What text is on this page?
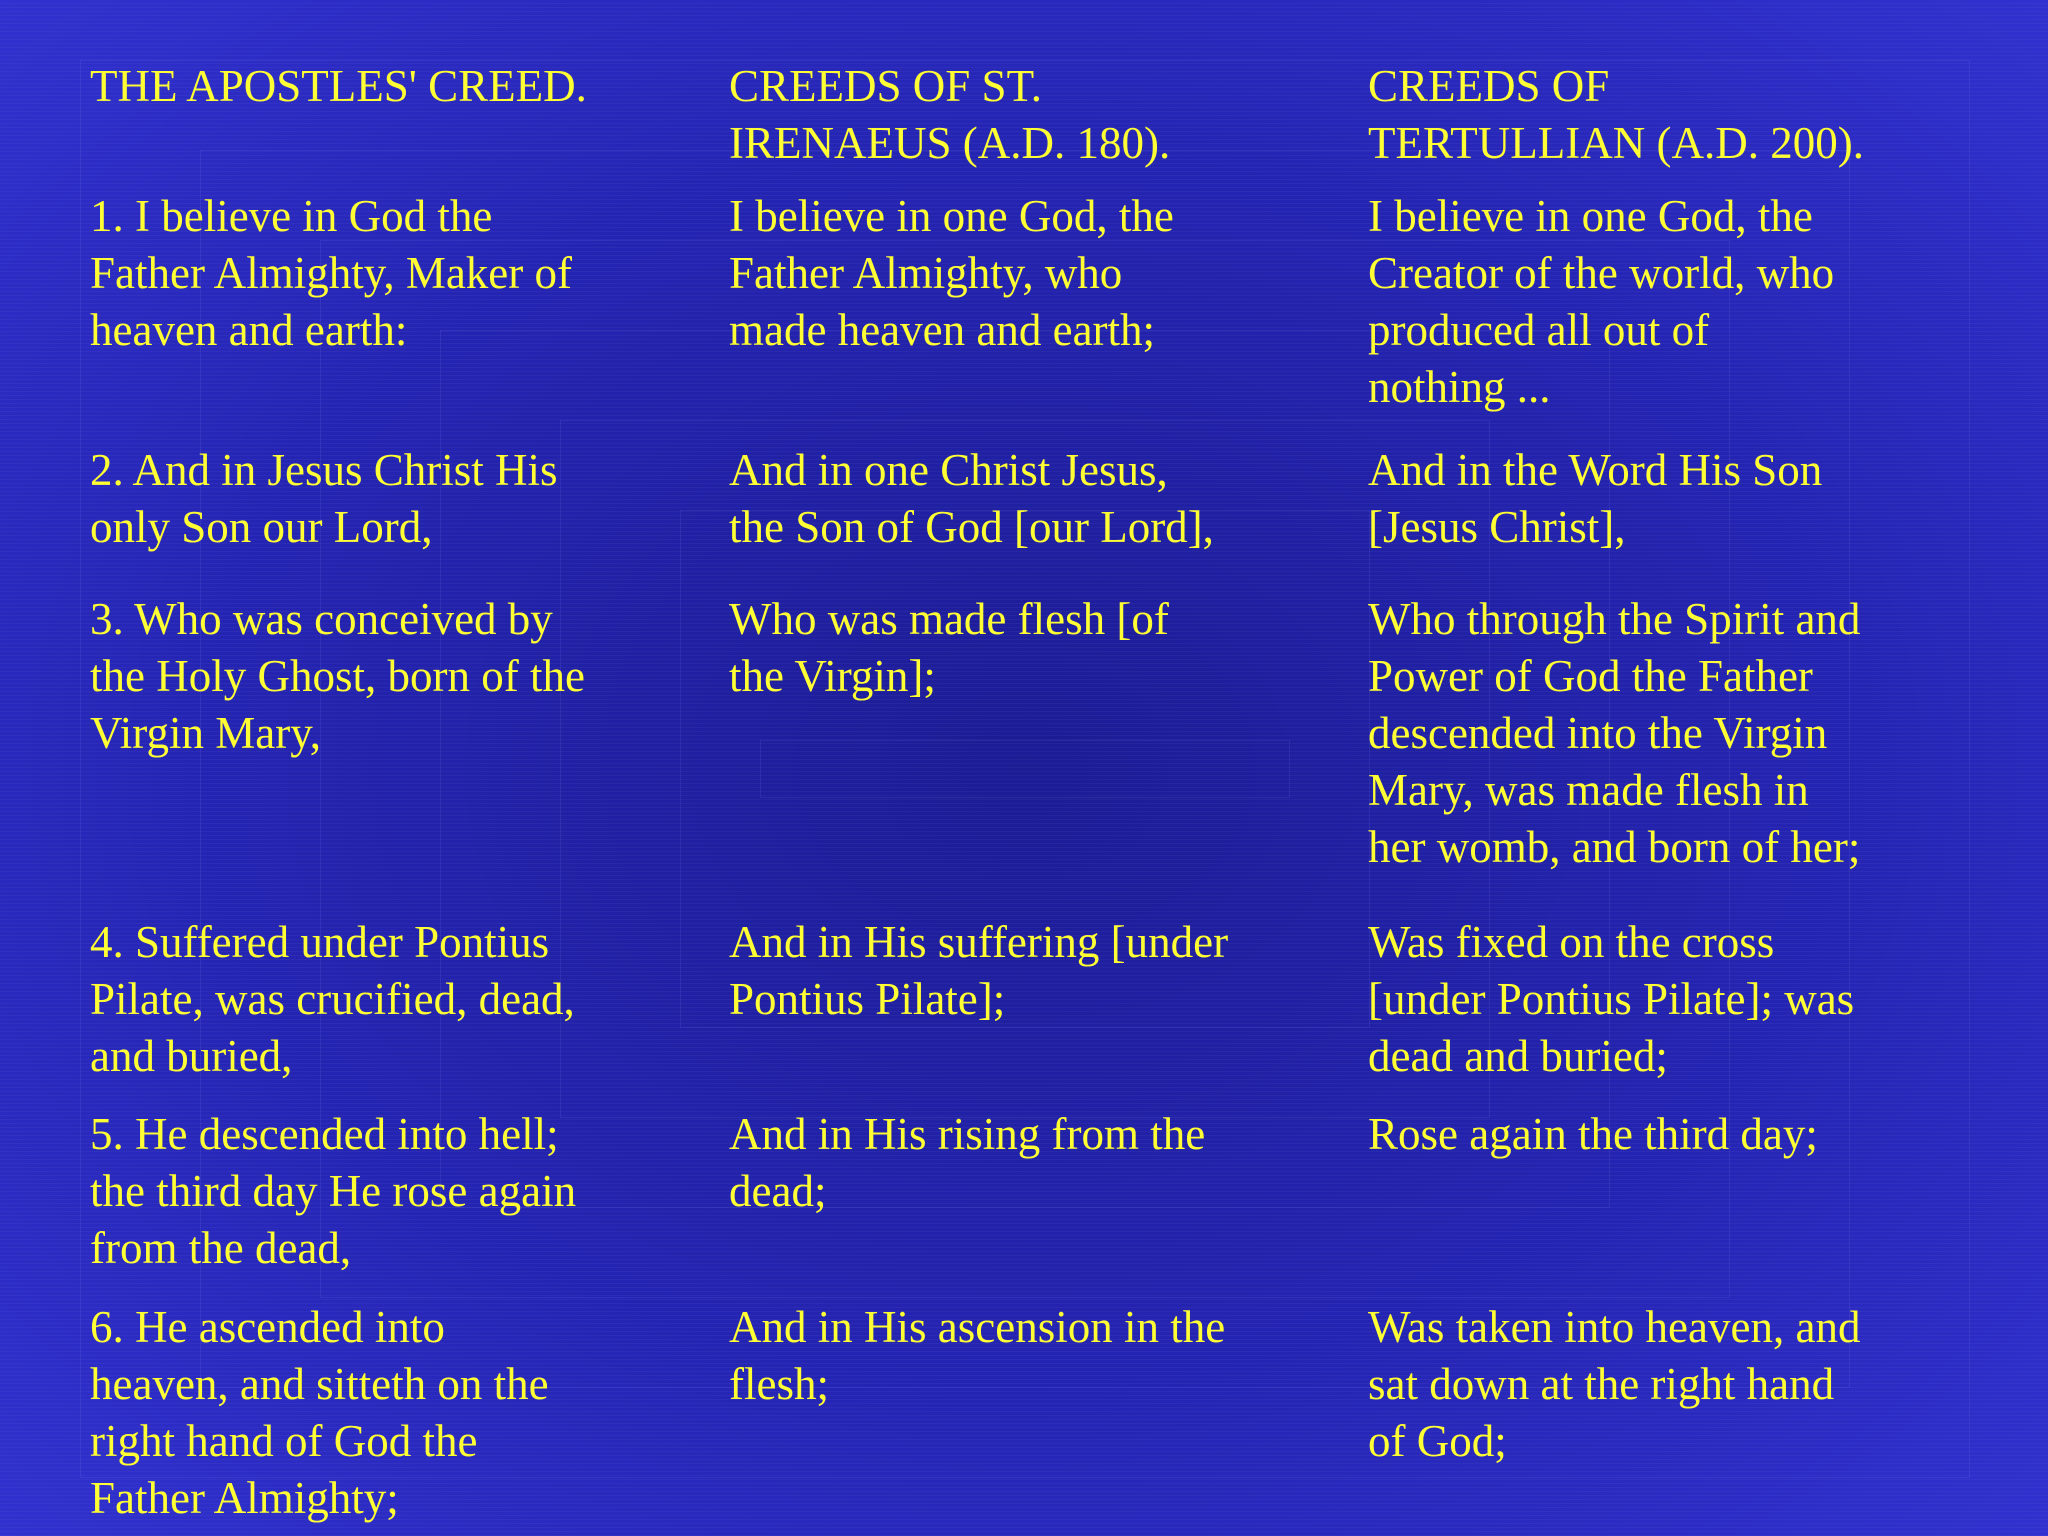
THE APOSTLES' CREED.	CREEDS OF ST.
IRENAEUS (A.D. 180).

CREEDS OF
TERTULLIAN (A.D. 200).

1. I believe in God the
Father Almighty, Maker of
heaven and earth:

I believe in one God, the
Father Almighty, who
made heaven and earth;

I believe in one God, the
Creator of the world, who
produced all out of
nothing ...

2. And in Jesus Christ His
only Son our Lord,

And in one Christ Jesus,
the Son of God [our Lord],

And in the Word His Son
[Jesus Christ],

3. Who was conceived by
the Holy Ghost, born of the
Virgin Mary,

Who was made flesh [of
the Virgin];

Who through the Spirit and
Power of God the Father
descended into the Virgin
Mary, was made flesh in
her womb, and born of her;

4. Suffered under Pontius
Pilate, was crucified, dead,
and buried,

And in His suffering [under
Pontius Pilate];

Was fixed on the cross
[under Pontius Pilate]; was
dead and buried;

5. He descended into hell;
the third day He rose again
from the dead,

And in His rising from the
dead;

Rose again the third day;

6. He ascended into
heaven, and sitteth on the
right hand of God the
Father Almighty;

And in His ascension in the
flesh;

Was taken into heaven, and
sat down at the right hand
of God;
